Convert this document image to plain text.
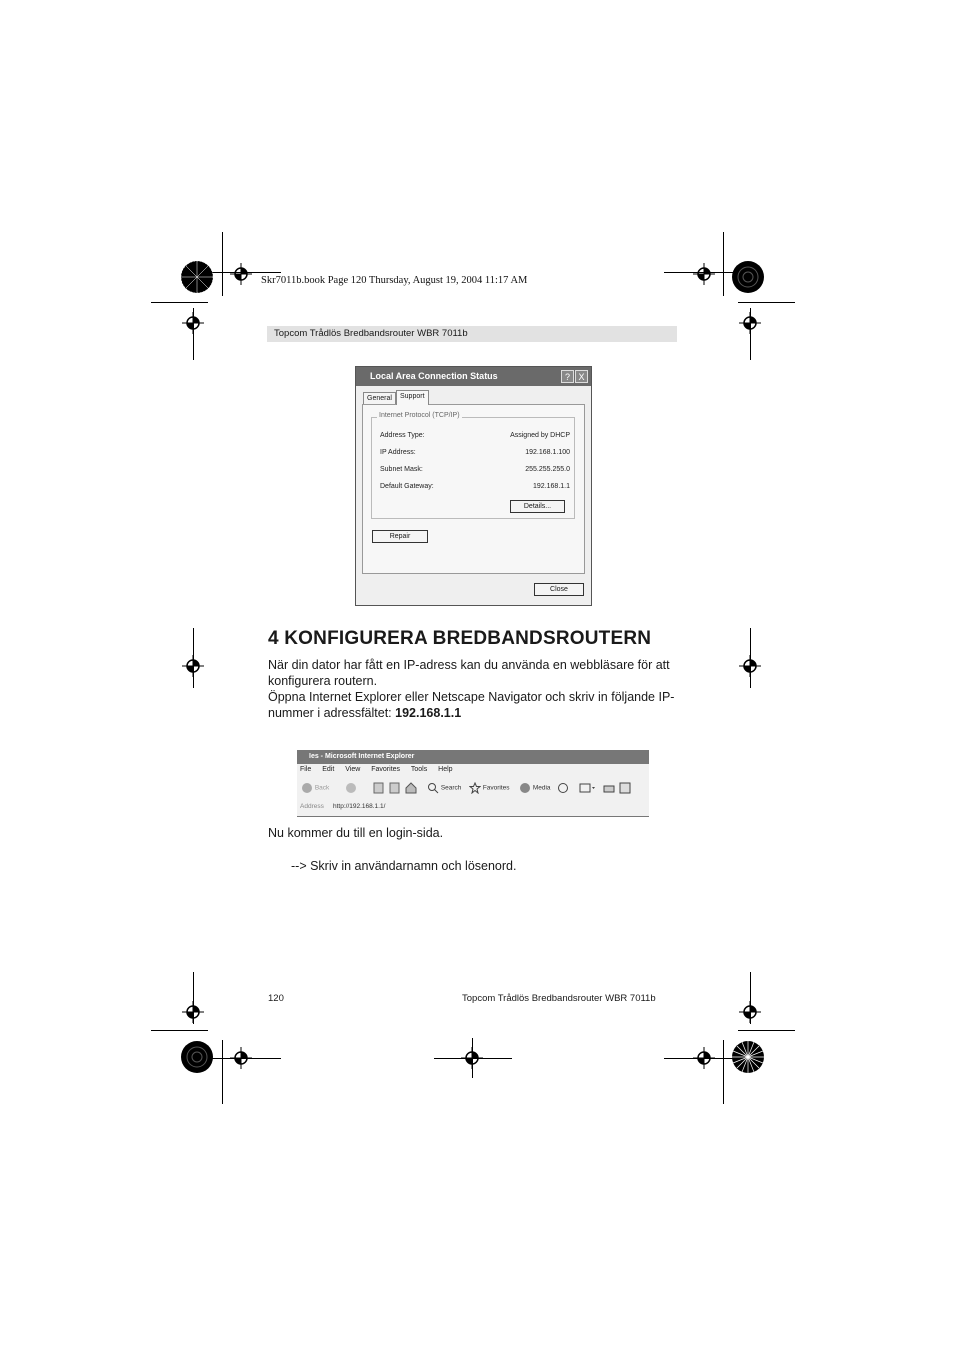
Skr7011b.book Page 120 Thursday, August 19, 2004 11:17 AM
Topcom Trådlös Bredbandsrouter WBR 7011b
Local Area Connection Status	? X
General	Support
Internet Protocol (TCP/IP)
Address Type:	Assigned by DHCP
IP Address:	192.168.1.100
Subnet Mask:	255.255.255.0
Default Gateway:	192.168.1.1
Details...
Repair
Close
4 KONFIGURERA BREDBANDSROUTERN

När din dator har fått en IP-adress kan du använda en webbläsare för att konfigurera routern.

Öppna Internet Explorer eller Netscape Navigator och skriv in följande IP-nummer i adressfältet: 192.168.1.1

Ies - Microsoft Internet Explorer
File Edit View Favorites Tools Help
Back	Search	Favorites	Media
Address http://192.168.1.1/
Nu kommer du till en login-sida.
--> Skriv in användarnamn och lösenord.
120	Topcom Trådlös Bredbandsrouter WBR 7011b
